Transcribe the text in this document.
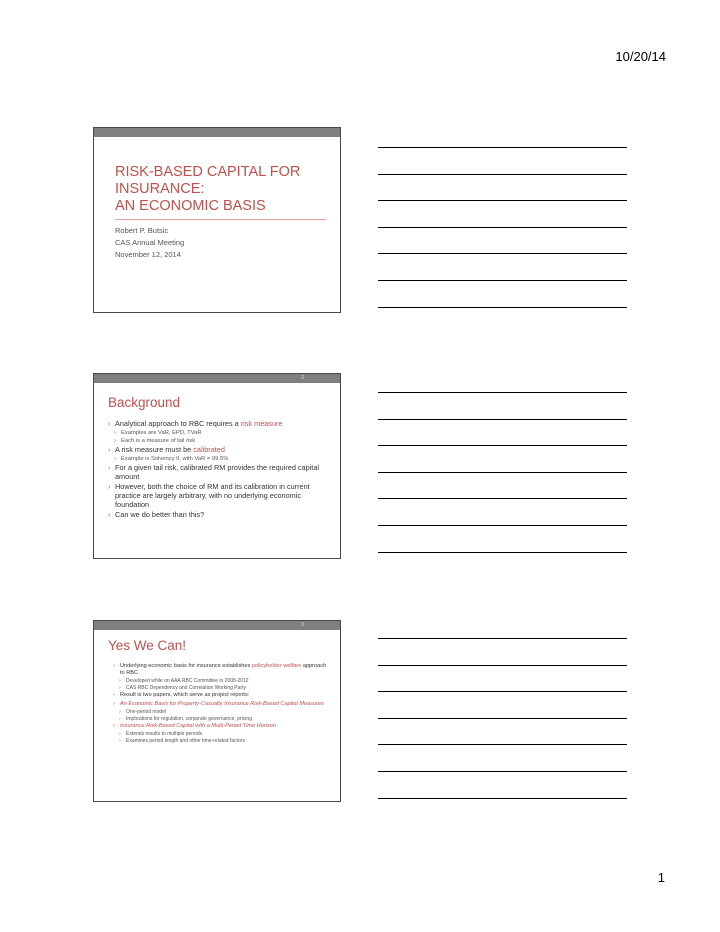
10/20/14
RISK-BASED CAPITAL FOR
INSURANCE:
AN ECONOMIC BASIS
Robert P. Butsic
CAS Annual Meeting
November 12, 2014
2
Background
› Analytical approach to RBC requires a risk measure
› Examples are VaR, EPD, TVaR
› Each is a measure of tail risk
› A risk measure must be calibrated
› Example is Solvency II, with VaR = 99.5%
› For a given tail risk, calibrated RM provides the required capital amount
› However, both the choice of RM and its calibration in current practice are largely arbitrary, with no underlying economic foundation
› Can we do better than this?
3
Yes We Can!
› Underlying economic basis for insurance establishes policyholder welfare approach to RBC
› Developed while on AAA RBC Committee in 2008-2012
› CAS RBC Dependency and Correlation Working Party
› Result is two papers, which serve as project reports:
› An Economic Basis for Property-Casualty Insurance Risk-Based Capital Measures
› One-period model
› Implications for regulation, corporate governance, pricing
› Insurance Risk-Based Capital with a Multi-Period Time Horizon
› Extends results to multiple periods
› Examines period length and other time-related factors
1
